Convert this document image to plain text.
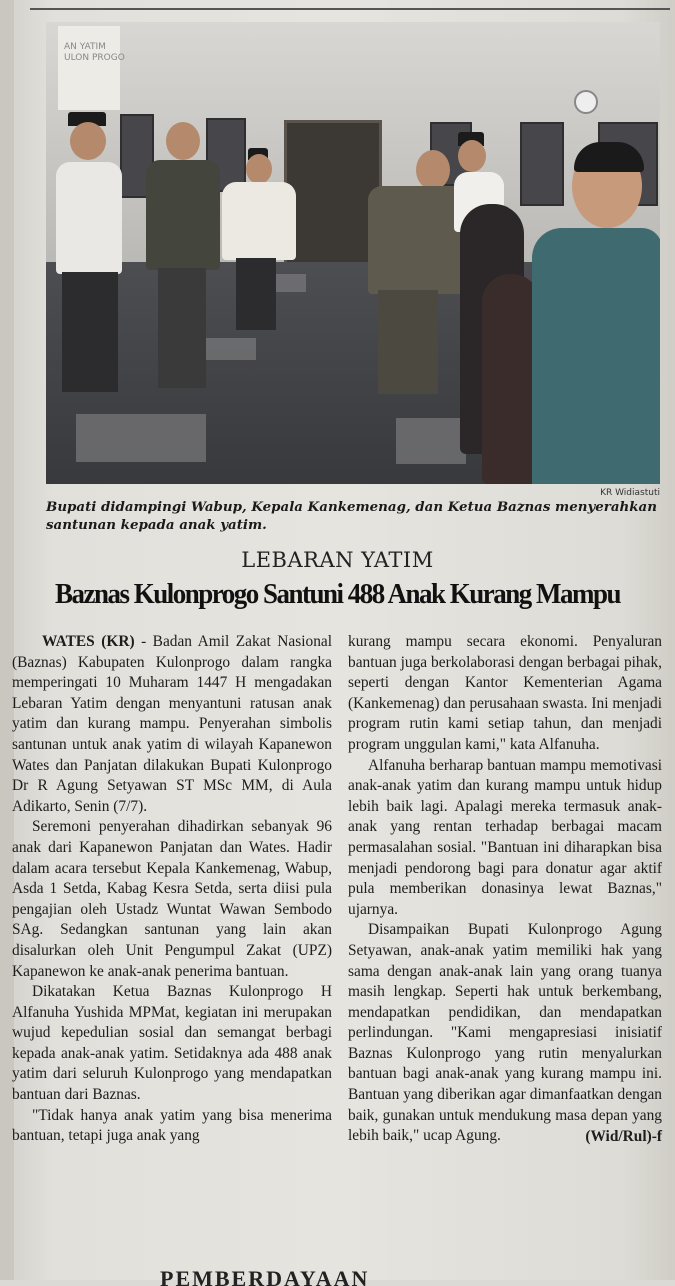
AN YATIM
ULON PROGO
KR Widiastuti
Bupati didampingi Wabup, Kepala Kankemenag, dan Ketua Baznas menyerahkan santunan kepada anak yatim.
LEBARAN YATIM
Baznas Kulonprogo Santuni 488 Anak Kurang Mampu

WATES (KR) - Badan Amil Zakat Nasional (Baznas) Kabupaten Kulonprogo dalam rangka memperingati 10 Muharam 1447 H mengadakan Lebaran Yatim dengan menyantuni ratusan anak yatim dan kurang mampu. Penyerahan simbolis santunan untuk anak yatim di wilayah Kapanewon Wates dan Panjatan dilakukan Bupati Kulonprogo Dr R Agung Setyawan ST MSc MM, di Aula Adikarto, Senin (7/7).

Seremoni penyerahan dihadirkan sebanyak 96 anak dari Kapanewon Panjatan dan Wates. Hadir dalam acara tersebut Kepala Kankemenag, Wabup, Asda 1 Setda, Kabag Kesra Setda, serta diisi pula pengajian oleh Ustadz Wuntat Wawan Sembodo SAg. Sedangkan santunan yang lain akan disalurkan oleh Unit Pengumpul Zakat (UPZ) Kapanewon ke anak-anak penerima bantuan.

Dikatakan Ketua Baznas Kulonprogo H Alfanuha Yushida MPMat, kegiatan ini merupakan wujud kepedulian sosial dan semangat berbagi kepada anak-anak yatim. Setidaknya ada 488 anak yatim dari seluruh Kulonprogo yang mendapatkan bantuan dari Baznas.

"Tidak hanya anak yatim yang bisa menerima bantuan, tetapi juga anak yang

kurang mampu secara ekonomi. Penyaluran bantuan juga berkolaborasi dengan berbagai pihak, seperti dengan Kantor Kementerian Agama (Kankemenag) dan perusahaan swasta. Ini menjadi program rutin kami setiap tahun, dan menjadi program unggulan kami," kata Alfanuha.

Alfanuha berharap bantuan mampu memotivasi anak-anak yatim dan kurang mampu untuk hidup lebih baik lagi. Apalagi mereka termasuk anak-anak yang rentan terhadap berbagai macam permasalahan sosial. "Bantuan ini diharapkan bisa menjadi pendorong bagi para donatur agar aktif pula memberikan donasinya lewat Baznas," ujarnya.

Disampaikan Bupati Kulonprogo Agung Setyawan, anak-anak yatim memiliki hak yang sama dengan anak-anak lain yang orang tuanya masih lengkap. Seperti hak untuk berkembang, mendapatkan pendidikan, dan mendapatkan perlindungan. "Kami mengapresiasi inisiatif Baznas Kulonprogo yang rutin menyalurkan bantuan bagi anak-anak yang kurang mampu ini. Bantuan yang diberikan agar dimanfaatkan dengan baik, gunakan untuk mendukung masa depan yang lebih baik," ucap Agung.	(Wid/Rul)-f
PEMBERDAYAAN
